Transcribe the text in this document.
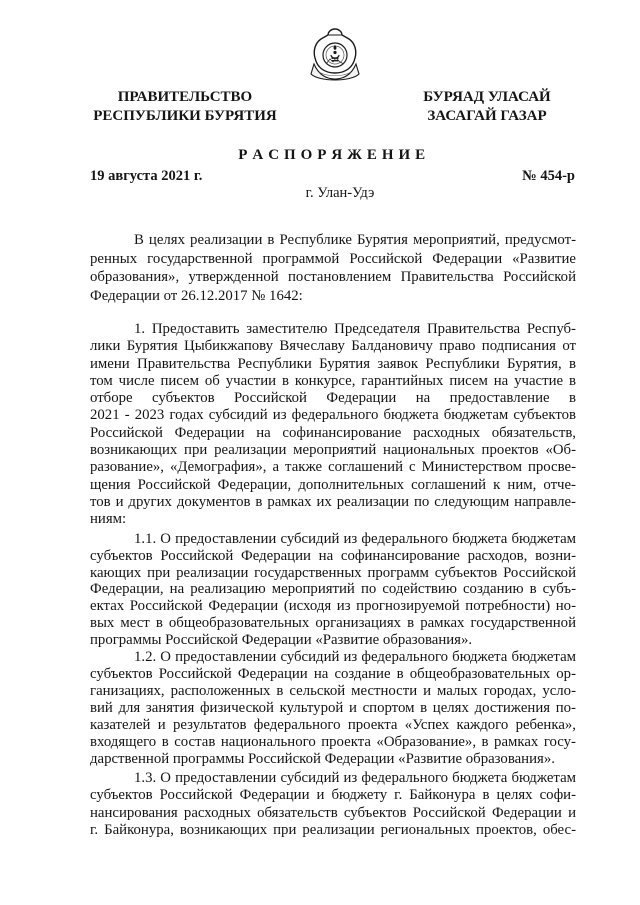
ПРАВИТЕЛЬСТВО
РЕСПУБЛИКИ БУРЯТИЯ
БУРЯАД УЛАСАЙ
ЗАСАГАЙ ГАЗАР
Р А С П О Р Я Ж Е Н И Е
19 августа 2021 г.	№ 454-р
г. Улан-Удэ
В целях реализации в Республике Бурятия мероприятий, предусмот-
ренных государственной программой Российской Федерации «Развитие
образования», утвержденной постановлением Правительства Российской
Федерации от 26.12.2017 № 1642:
1. Предоставить заместителю Председателя Правительства Респуб-
лики Бурятия Цыбикжапову Вячеславу Балдановичу право подписания от
имени Правительства Республики Бурятия заявок Республики Бурятия, в
том числе писем об участии в конкурсе, гарантийных писем на участие в
отборе субъектов Российской Федерации на предоставление в
2021 - 2023 годах субсидий из федерального бюджета бюджетам субъектов
Российской Федерации на софинансирование расходных обязательств,
возникающих при реализации мероприятий национальных проектов «Об-
разование», «Демография», а также соглашений с Министерством просве-
щения Российской Федерации, дополнительных соглашений к ним, отче-
тов и других документов в рамках их реализации по следующим направле-
ниям:
1.1. О предоставлении субсидий из федерального бюджета бюджетам
субъектов Российской Федерации на софинансирование расходов, возни-
кающих при реализации государственных программ субъектов Российской
Федерации, на реализацию мероприятий по содействию созданию в субъ-
ектах Российской Федерации (исходя из прогнозируемой потребности) но-
вых мест в общеобразовательных организациях в рамках государственной
программы Российской Федерации «Развитие образования».
1.2. О предоставлении субсидий из федерального бюджета бюджетам
субъектов Российской Федерации на создание в общеобразовательных ор-
ганизациях, расположенных в сельской местности и малых городах, усло-
вий для занятия физической культурой и спортом в целях достижения по-
казателей и результатов федерального проекта «Успех каждого ребенка»,
входящего в состав национального проекта «Образование», в рамках госу-
дарственной программы Российской Федерации «Развитие образования».
1.3. О предоставлении субсидий из федерального бюджета бюджетам
субъектов Российской Федерации и бюджету г. Байконура в целях софи-
нансирования расходных обязательств субъектов Российской Федерации и
г. Байконура, возникающих при реализации региональных проектов, обес-
